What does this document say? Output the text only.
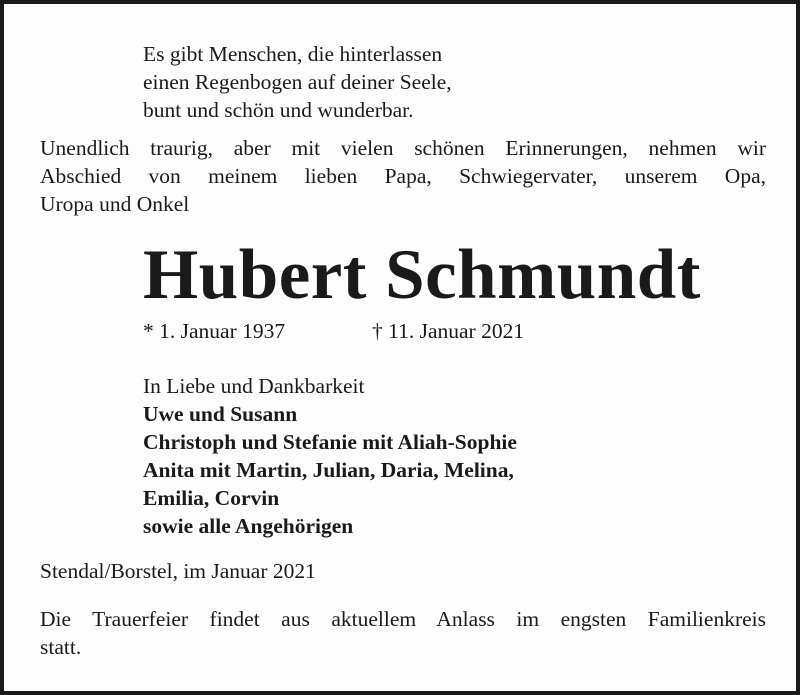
Es gibt Menschen, die hinterlassen
einen Regenbogen auf deiner Seele,
bunt und schön und wunderbar.
Unendlich traurig, aber mit vielen schönen Erinnerungen, nehmen wir
Abschied von meinem lieben Papa, Schwiegervater, unserem Opa,
Uropa und Onkel
Hubert Schmundt
* 1. Januar 1937	† 11. Januar 2021
In Liebe und Dankbarkeit
Uwe und Susann
Christoph und Stefanie mit Aliah-Sophie
Anita mit Martin, Julian, Daria, Melina,
Emilia, Corvin
sowie alle Angehörigen
Stendal/Borstel, im Januar 2021
Die Trauerfeier findet aus aktuellem Anlass im engsten Familienkreis
statt.
